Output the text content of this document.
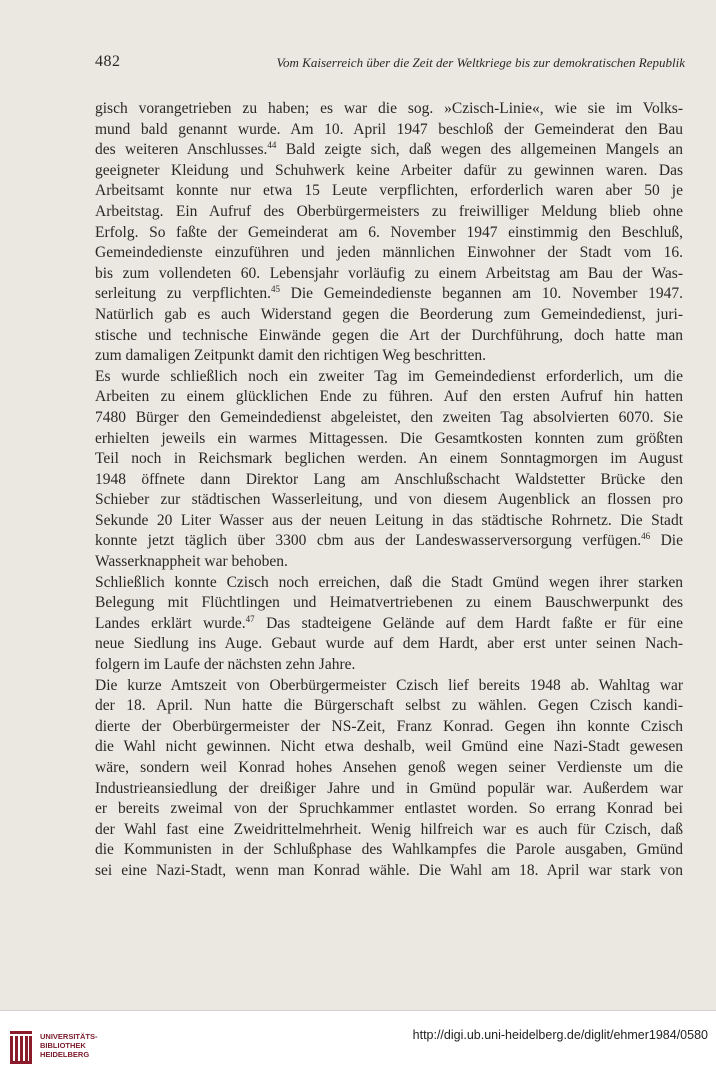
482	Vom Kaiserreich über die Zeit der Weltkriege bis zur demokratischen Republik
gisch vorangetrieben zu haben; es war die sog. »Czisch-Linie«, wie sie im Volks-
mund bald genannt wurde. Am 10. April 1947 beschloß der Gemeinderat den Bau
des weiteren Anschlusses.$^{44}$ Bald zeigte sich, daß wegen des allgemeinen Mangels an
geeigneter Kleidung und Schuhwerk keine Arbeiter dafür zu gewinnen waren. Das
Arbeitsamt konnte nur etwa 15 Leute verpflichten, erforderlich waren aber 50 je
Arbeitstag. Ein Aufruf des Oberbürgermeisters zu freiwilliger Meldung blieb ohne
Erfolg. So faßte der Gemeinderat am 6. November 1947 einstimmig den Beschluß,
Gemeindedienste einzuführen und jeden männlichen Einwohner der Stadt vom 16.
bis zum vollendeten 60. Lebensjahr vorläufig zu einem Arbeitstag am Bau der Was-
serleitung zu verpflichten.$^{45}$ Die Gemeindedienste begannen am 10. November 1947.
Natürlich gab es auch Widerstand gegen die Beorderung zum Gemeindedienst, juri-
stische und technische Einwände gegen die Art der Durchführung, doch hatte man
zum damaligen Zeitpunkt damit den richtigen Weg beschritten.
Es wurde schließlich noch ein zweiter Tag im Gemeindedienst erforderlich, um die
Arbeiten zu einem glücklichen Ende zu führen. Auf den ersten Aufruf hin hatten
7480 Bürger den Gemeindedienst abgeleistet, den zweiten Tag absolvierten 6070. Sie
erhielten jeweils ein warmes Mittagessen. Die Gesamtkosten konnten zum größten
Teil noch in Reichsmark beglichen werden. An einem Sonntagmorgen im August
1948 öffnete dann Direktor Lang am Anschlußschacht Waldstetter Brücke den
Schieber zur städtischen Wasserleitung, und von diesem Augenblick an flossen pro
Sekunde 20 Liter Wasser aus der neuen Leitung in das städtische Rohrnetz. Die Stadt
konnte jetzt täglich über 3300 cbm aus der Landeswasserversorgung verfügen.$^{46}$ Die
Wasserknappheit war behoben.
Schließlich konnte Czisch noch erreichen, daß die Stadt Gmünd wegen ihrer starken
Belegung mit Flüchtlingen und Heimatvertriebenen zu einem Bauschwerpunkt des
Landes erklärt wurde.$^{47}$ Das stadteigene Gelände auf dem Hardt faßte er für eine
neue Siedlung ins Auge. Gebaut wurde auf dem Hardt, aber erst unter seinen Nach-
folgern im Laufe der nächsten zehn Jahre.
Die kurze Amtszeit von Oberbürgermeister Czisch lief bereits 1948 ab. Wahltag war
der 18. April. Nun hatte die Bürgerschaft selbst zu wählen. Gegen Czisch kandi-
dierte der Oberbürgermeister der NS-Zeit, Franz Konrad. Gegen ihn konnte Czisch
die Wahl nicht gewinnen. Nicht etwa deshalb, weil Gmünd eine Nazi-Stadt gewesen
wäre, sondern weil Konrad hohes Ansehen genoß wegen seiner Verdienste um die
Industrieansiedlung der dreißiger Jahre und in Gmünd populär war. Außerdem war
er bereits zweimal von der Spruchkammer entlastet worden. So errang Konrad bei
der Wahl fast eine Zweidrittelmehrheit. Wenig hilfreich war es auch für Czisch, daß
die Kommunisten in der Schlußphase des Wahlkampfes die Parole ausgaben, Gmünd
sei eine Nazi-Stadt, wenn man Konrad wähle. Die Wahl am 18. April war stark von
UNIVERSITÄTS-
BIBLIOTHEK
HEIDELBERG
http://digi.ub.uni-heidelberg.de/diglit/ehmer1984/0580
